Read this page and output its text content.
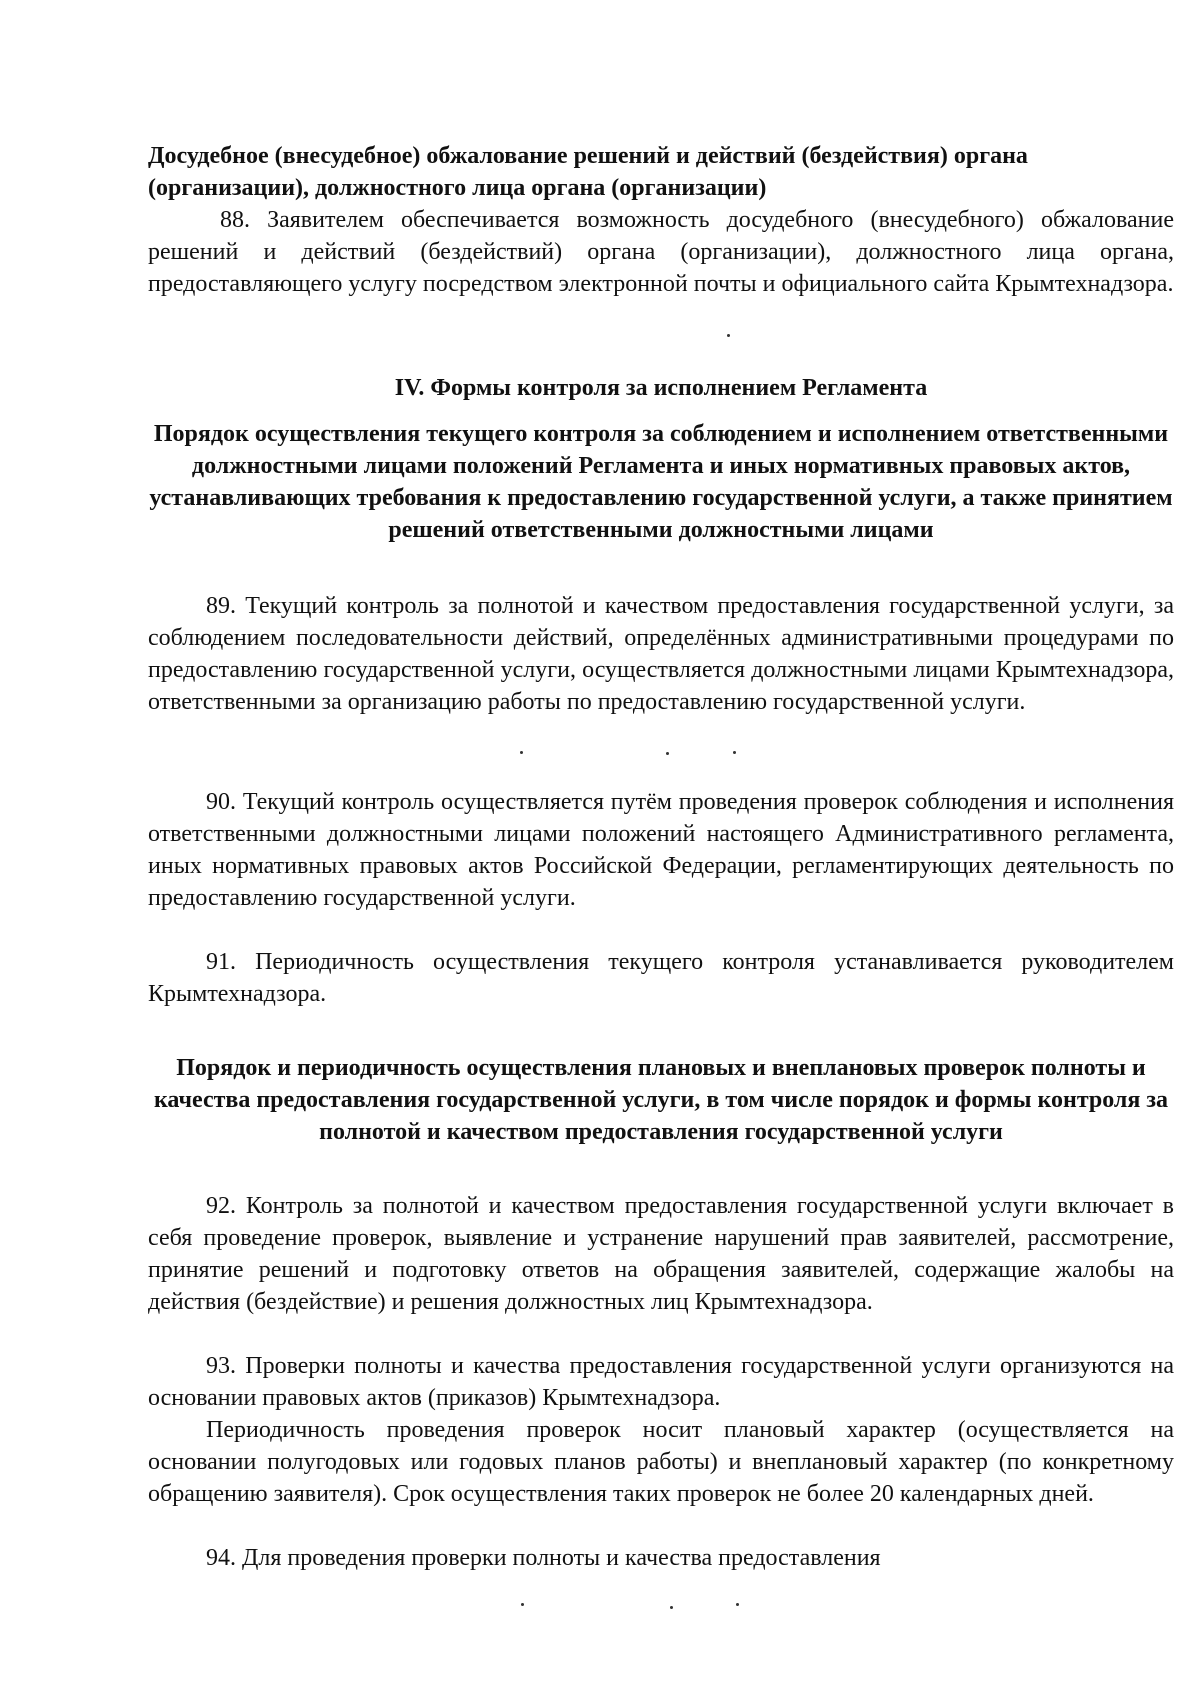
Досудебное (внесудебное) обжалование решений и действий (бездействия) органа (организации), должностного лица органа (организации)
88. Заявителем обеспечивается возможность досудебного (внесудебного) обжалование решений и действий (бездействий) органа (организации), должностного лица органа, предоставляющего услугу посредством электронной почты и официального сайта Крымтехнадзора.
IV. Формы контроля за исполнением Регламента
Порядок осуществления текущего контроля за соблюдением и исполнением ответственными должностными лицами положений Регламента и иных нормативных правовых актов, устанавливающих требования к предоставлению государственной услуги, а также принятием решений ответственными должностными лицами
89. Текущий контроль за полнотой и качеством предоставления государственной услуги, за соблюдением последовательности действий, определённых административными процедурами по предоставлению государственной услуги, осуществляется должностными лицами Крымтехнадзора, ответственными за организацию работы по предоставлению государственной услуги.
90. Текущий контроль осуществляется путём проведения проверок соблюдения и исполнения ответственными должностными лицами положений настоящего Административного регламента, иных нормативных правовых актов Российской Федерации, регламентирующих деятельность по предоставлению государственной услуги.
91. Периодичность осуществления текущего контроля устанавливается руководителем Крымтехнадзора.
Порядок и периодичность осуществления плановых и внеплановых проверок полноты и качества предоставления государственной услуги, в том числе порядок и формы контроля за полнотой и качеством предоставления государственной услуги
92. Контроль за полнотой и качеством предоставления государственной услуги включает в себя проведение проверок, выявление и устранение нарушений прав заявителей, рассмотрение, принятие решений и подготовку ответов на обращения заявителей, содержащие жалобы на действия (бездействие) и решения должностных лиц Крымтехнадзора.
93. Проверки полноты и качества предоставления государственной услуги организуются на основании правовых актов (приказов) Крымтехнадзора.
Периодичность проведения проверок носит плановый характер (осуществляется на основании полугодовых или годовых планов работы) и внеплановый характер (по конкретному обращению заявителя). Срок осуществления таких проверок не более 20 календарных дней.
94. Для проведения проверки полноты и качества предоставления
